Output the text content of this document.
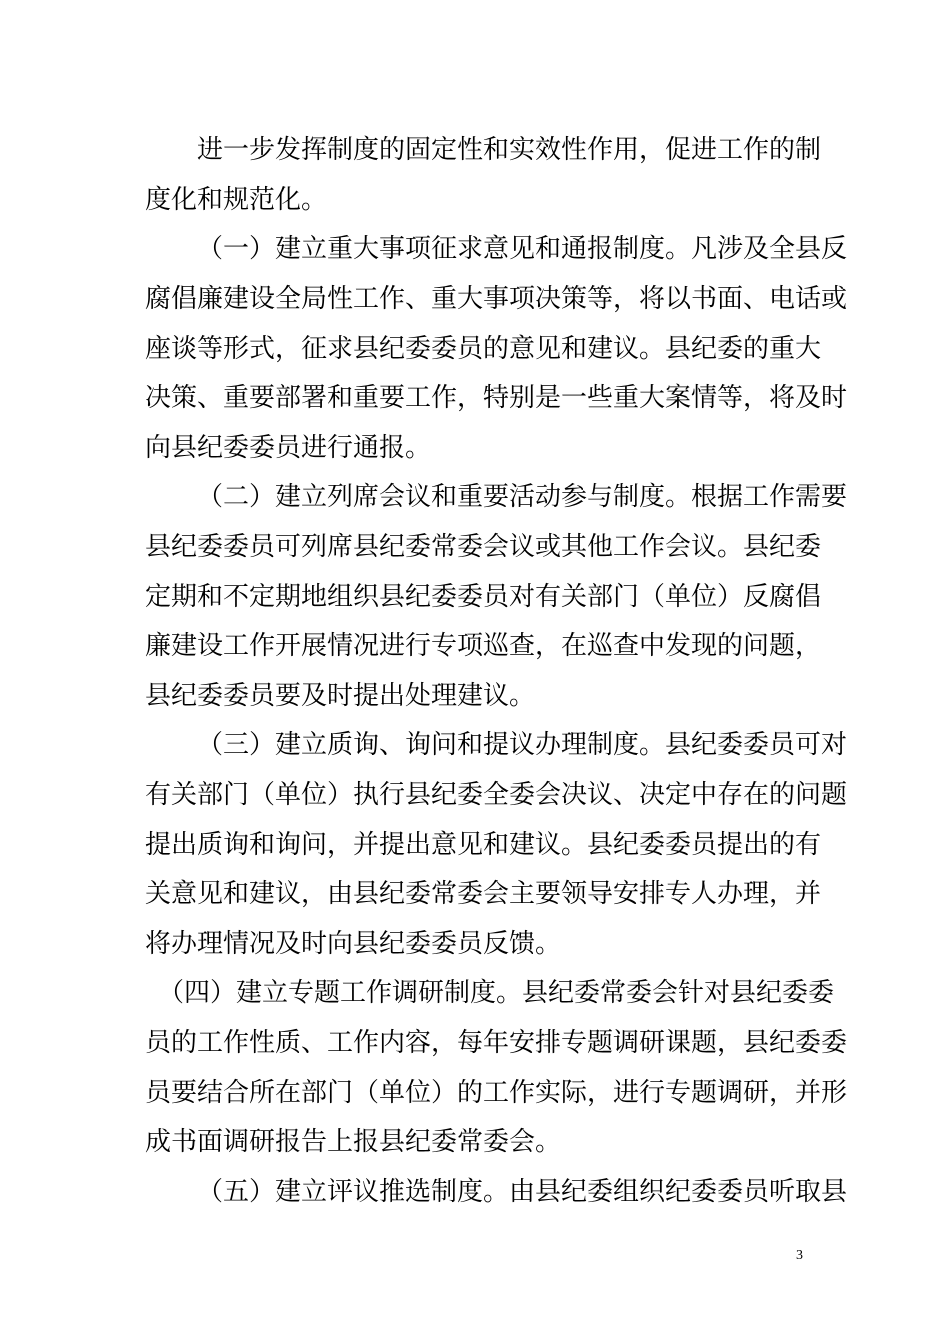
进一步发挥制度的固定性和实效性作用，促进工作的制
度化和规范化。
（一）建立重大事项征求意见和通报制度。凡涉及全县反
腐倡廉建设全局性工作、重大事项决策等，将以书面、电话或
座谈等形式，征求县纪委委员的意见和建议。县纪委的重大
决策、重要部署和重要工作，特别是一些重大案情等，将及时
向县纪委委员进行通报。
（二）建立列席会议和重要活动参与制度。根据工作需要
县纪委委员可列席县纪委常委会议或其他工作会议。县纪委
定期和不定期地组织县纪委委员对有关部门（单位）反腐倡
廉建设工作开展情况进行专项巡查，在巡查中发现的问题，
县纪委委员要及时提出处理建议。
（三）建立质询、询问和提议办理制度。县纪委委员可对
有关部门（单位）执行县纪委全委会决议、决定中存在的问题
提出质询和询问，并提出意见和建议。县纪委委员提出的有
关意见和建议，由县纪委常委会主要领导安排专人办理，并
将办理情况及时向县纪委委员反馈。
（四）建立专题工作调研制度。县纪委常委会针对县纪委委
员的工作性质、工作内容，每年安排专题调研课题，县纪委委
员要结合所在部门（单位）的工作实际，进行专题调研，并形
成书面调研报告上报县纪委常委会。
（五）建立评议推选制度。由县纪委组织纪委委员听取县
3
